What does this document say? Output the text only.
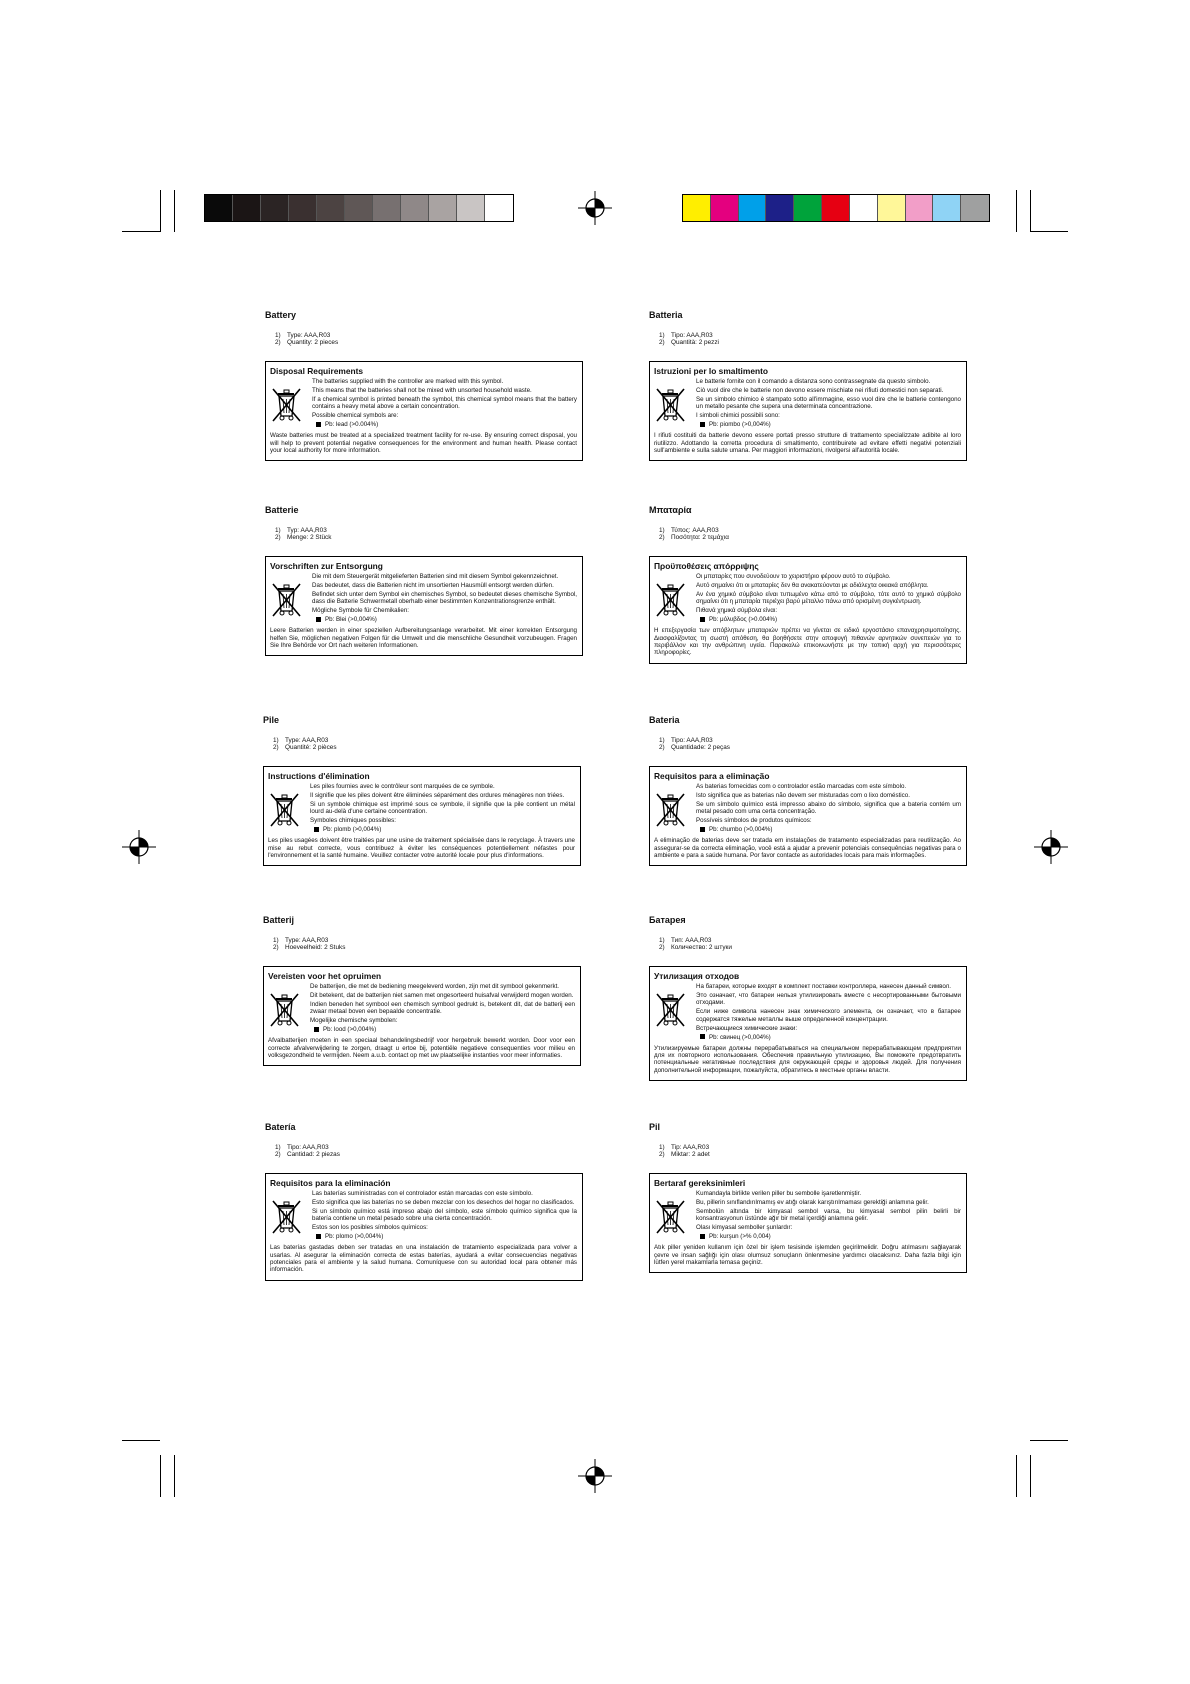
Battery

1) Type: AAA,R03
2) Quantity: 2 pieces
Disposal Requirements

The batteries supplied with the controller are marked with this symbol.

This means that the batteries shall not be mixed with unsorted household waste.

If a chemical symbol is printed beneath the symbol, this chemical symbol means that the battery contains a heavy metal above a certain concentration.

Possible chemical symbols are:

Pb: lead (>0.004%)

Waste batteries must be treated at a specialized treatment facility for re-use. By ensuring correct disposal, you will help to prevent potential negative consequences for the environment and human health. Please contact your local authority for more information.

Batteria

1) Tipo: AAA,R03
2) Quantità: 2 pezzi
Istruzioni per lo smaltimento

Le batterie fornite con il comando a distanza sono contrassegnate da questo simbolo.

Ciò vuol dire che le batterie non devono essere mischiate nei rifiuti domestici non separati.

Se un simbolo chimico è stampato sotto all'immagine, esso vuol dire che le batterie contengono un metallo pesante che supera una determinata concentrazione.

I simboli chimici possibili sono:

Pb: piombo (>0,004%)

I rifiuti costituiti da batterie devono essere portati presso strutture di trattamento specializzate adibite al loro riutilizzo. Adottando la corretta procedura di smaltimento, contribuirete ad evitare effetti negativi potenziali sull'ambiente e sulla salute umana. Per maggiori informazioni, rivolgersi all'autorità locale.

Batterie

1) Typ: AAA,R03
2) Menge: 2 Stück
Vorschriften zur Entsorgung

Die mit dem Steuergerät mitgelieferten Batterien sind mit diesem Symbol gekennzeichnet.

Das bedeutet, dass die Batterien nicht im unsortierten Hausmüll entsorgt werden dürfen.

Befindet sich unter dem Symbol ein chemisches Symbol, so bedeutet dieses chemische Symbol, dass die Batterie Schwermetall oberhalb einer bestimmten Konzentrationsgrenze enthält.

Mögliche Symbole für Chemikalien:

Pb: Blei (>0,004%)

Leere Batterien werden in einer speziellen Aufbereitungsanlage verarbeitet. Mit einer korrekten Entsorgung helfen Sie, möglichen negativen Folgen für die Umwelt und die menschliche Gesundheit vorzubeugen. Fragen Sie Ihre Behörde vor Ort nach weiteren Informationen.

Μπαταρία

1) Τύπος: AAA,R03
2) Ποσότητα: 2 τεμάχια
Προϋποθέσεις απόρριψης

Οι μπαταρίες που συνοδεύουν το χειριστήριο φέρουν αυτό το σύμβολο.

Αυτό σημαίνει ότι οι μπαταρίες δεν θα ανακατεύονται με αδιάλεχτα οικιακά απόβλητα.

Αν ένα χημικό σύμβολο είναι τυπωμένο κάτω από το σύμβολο, τότε αυτό το χημικό σύμβολο σημαίνει ότι η μπαταρία περιέχει βαρύ μέταλλο πάνω από ορισμένη συγκέντρωση.

Πιθανά χημικά σύμβολα είναι:

Pb: μόλυβδος (>0.004%)

Η επεξεργασία των απόβλητων μπαταριών πρέπει να γίνεται σε ειδικό εργοστάσιο επαναχρησιμοποίησης. Διασφαλίζοντας τη σωστή απόθεση, θα βοηθήσετε στην αποφυγή πιθανών αρνητικών συνεπειών για το περιβάλλον και την ανθρώπινη υγεία. Παρακαλώ επικοινωνήστε με την τοπική αρχή για περισσότερες πληροφορίες.

Pile

1) Type: AAA,R03
2) Quantité: 2 pièces
Instructions d'élimination

Les piles fournies avec le contrôleur sont marquées de ce symbole.

Il signifie que les piles doivent être éliminées séparément des ordures ménagères non triées.

Si un symbole chimique est imprimé sous ce symbole, il signifie que la pile contient un métal lourd au-delà d'une certaine concentration.

Symboles chimiques possibles:

Pb: plomb (>0,004%)

Les piles usagées doivent être traitées par une usine de traitement spécialisée dans le recyclage. À travers une mise au rebut correcte, vous contribuez à éviter les conséquences potentiellement néfastes pour l'environnement et la santé humaine. Veuillez contacter votre autorité locale pour plus d'informations.

Bateria

1) Tipo: AAA,R03
2) Quantidade: 2 peças
Requisitos para a eliminação

As baterias fornecidas com o controlador estão marcadas com este símbolo.

Isto significa que as baterias não devem ser misturadas com o lixo doméstico.

Se um símbolo químico está impresso abaixo do símbolo, significa que a bateria contém um metal pesado com uma certa concentração.

Possíveis símbolos de produtos químicos:

Pb: chumbo (>0,004%)

A eliminação de baterias deve ser tratada em instalações de tratamento especializadas para reutilização. Ao assegurar-se da correcta eliminação, você está a ajudar a prevenir potenciais consequências negativas para o ambiente e para a saúde humana. Por favor contacte as autoridades locais para mais informações.

Batterij

1) Type: AAA,R03
2) Hoeveelheid: 2 Stuks
Vereisten voor het opruimen

De batterijen, die met de bediening meegeleverd worden, zijn met dit symbool gekenmerkt.

Dit betekent, dat de batterijen niet samen met ongesorteerd huisafval verwijderd mogen worden.

Indien beneden het symbool een chemisch symbool gedrukt is, betekent dit, dat de batterij een zwaar metaal boven een bepaalde concentratie.

Mogelijke chemische symbolen:

Pb: lood (>0,004%)

Afvalbatterijen moeten in een speciaal behandelingsbedrijf voor hergebruik bewerkt worden. Door voor een correcte afvalverwijdering te zorgen, draagt u ertoe bij, potentiële negatieve consequenties voor milieu en volksgezondheid te vermijden. Neem a.u.b. contact op met uw plaatselijke instanties voor meer informaties.

Батарея

1) Тип: AAA,R03
2) Количество: 2 штуки
Утилизация отходов

На батареи, которые входят в комплект поставки контроллера, нанесен данный символ.

Это означает, что батареи нельзя утилизировать вместе с несортированными бытовыми отходами.

Если ниже символа нанесен знак химического элемента, он означает, что в батарее содержатся тяжелые металлы выше определенной концентрации.

Встречающиеся химические знаки:

Pb: свинец (>0,004%)

Утилизируемые батареи должны перерабатываться на специальном перерабатывающем предприятии для их повторного использования. Обеспечив правильную утилизацию, Вы поможете предотвратить потенциальные негативные последствия для окружающей среды и здоровья людей. Для получения дополнительной информации, пожалуйста, обратитесь в местные органы власти.

Batería

1) Tipo: AAA,R03
2) Cantidad: 2 piezas
Requisitos para la eliminación

Las baterías suministradas con el controlador están marcadas con este símbolo.

Esto significa que las baterías no se deben mezclar con los desechos del hogar no clasificados.

Si un símbolo químico está impreso abajo del símbolo, este símbolo químico significa que la batería contiene un metal pesado sobre una cierta concentración.

Estos son los posibles símbolos químicos:

Pb: plomo (>0,004%)

Las baterías gastadas deben ser tratadas en una instalación de tratamiento especializada para volver a usarlas. Al asegurar la eliminación correcta de estas baterías, ayudará a evitar consecuencias negativas potenciales para el ambiente y la salud humana. Comuníquese con su autoridad local para obtener más información.

Pil

1) Tip: AAA,R03
2) Miktar: 2 adet
Bertaraf gereksinimleri

Kumandayla birlikte verilen piller bu sembolle işaretlenmiştir.

Bu, pillerin sınıflandırılmamış ev atığı olarak karıştırılmaması gerektiği anlamına gelir.

Sembolün altında bir kimyasal sembol varsa, bu kimyasal sembol pilin belirli bir konsantrasyonun üstünde ağır bir metal içerdiği anlamına gelir.

Olası kimyasal semboller şunlardır:

Pb: kurşun (>% 0,004)

Atık piller yeniden kullanım için özel bir işlem tesisinde işlemden geçirilmelidir. Doğru atılmasını sağlayarak çevre ve insan sağlığı için olası olumsuz sonuçların önlenmesine yardımcı olacaksınız. Daha fazla bilgi için lütfen yerel makamlarla temasa geçiniz.
